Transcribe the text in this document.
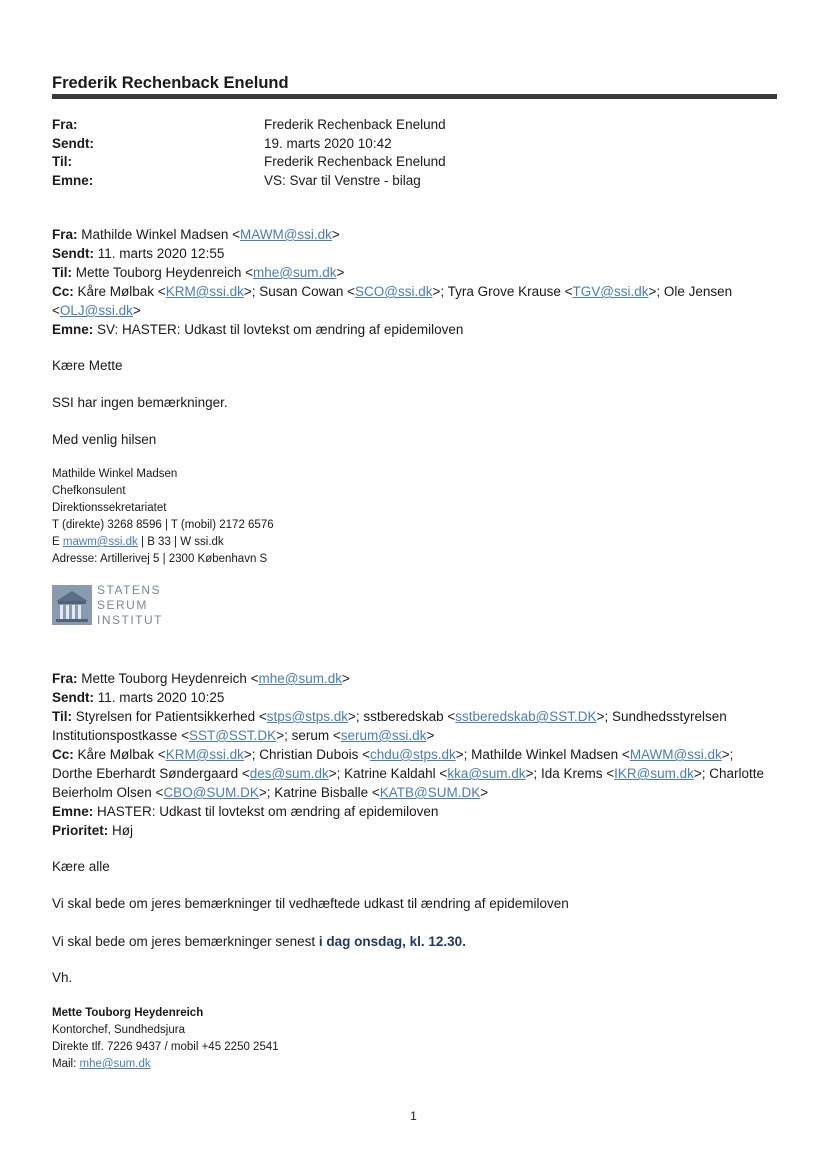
Frederik Rechenback Enelund
Fra:
Sendt:
Til:
Emne:
Frederik Rechenback Enelund
19. marts 2020 10:42
Frederik Rechenback Enelund
VS: Svar til Venstre - bilag
Fra: Mathilde Winkel Madsen <MAWM@ssi.dk>
Sendt: 11. marts 2020 12:55
Til: Mette Touborg Heydenreich <mhe@sum.dk>
Cc: Kåre Mølbak <KRM@ssi.dk>; Susan Cowan <SCO@ssi.dk>; Tyra Grove Krause <TGV@ssi.dk>; Ole Jensen
<OLJ@ssi.dk>
Emne: SV: HASTER: Udkast til lovtekst om ændring af epidemiloven
Kære Mette
SSI har ingen bemærkninger.
Med venlig hilsen
Mathilde Winkel Madsen
Chefkonsulent
Direktionssekretariatet
T (direkte) 3268 8596 | T (mobil) 2172 6576
E mawm@ssi.dk | B 33 | W ssi.dk
Adresse: Artillerivej 5 | 2300 København S
STATENS
SERUM
INSTITUT
Fra: Mette Touborg Heydenreich <mhe@sum.dk>
Sendt: 11. marts 2020 10:25
Til: Styrelsen for Patientsikkerhed <stps@stps.dk>; sstberedskab <sstberedskab@SST.DK>; Sundhedsstyrelsen
Institutionspostkasse <SST@SST.DK>; serum <serum@ssi.dk>
Cc: Kåre Mølbak <KRM@ssi.dk>; Christian Dubois <chdu@stps.dk>; Mathilde Winkel Madsen <MAWM@ssi.dk>;
Dorthe Eberhardt Søndergaard <des@sum.dk>; Katrine Kaldahl <kka@sum.dk>; Ida Krems <IKR@sum.dk>; Charlotte
Beierholm Olsen <CBO@SUM.DK>; Katrine Bisballe <KATB@SUM.DK>
Emne: HASTER: Udkast til lovtekst om ændring af epidemiloven
Prioritet: Høj
Kære alle
Vi skal bede om jeres bemærkninger til vedhæftede udkast til ændring af epidemiloven
Vi skal bede om jeres bemærkninger senest i dag onsdag, kl. 12.30.
Vh.
Mette Touborg Heydenreich
Kontorchef, Sundhedsjura
Direkte tlf. 7226 9437 / mobil +45 2250 2541
Mail: mhe@sum.dk
1
